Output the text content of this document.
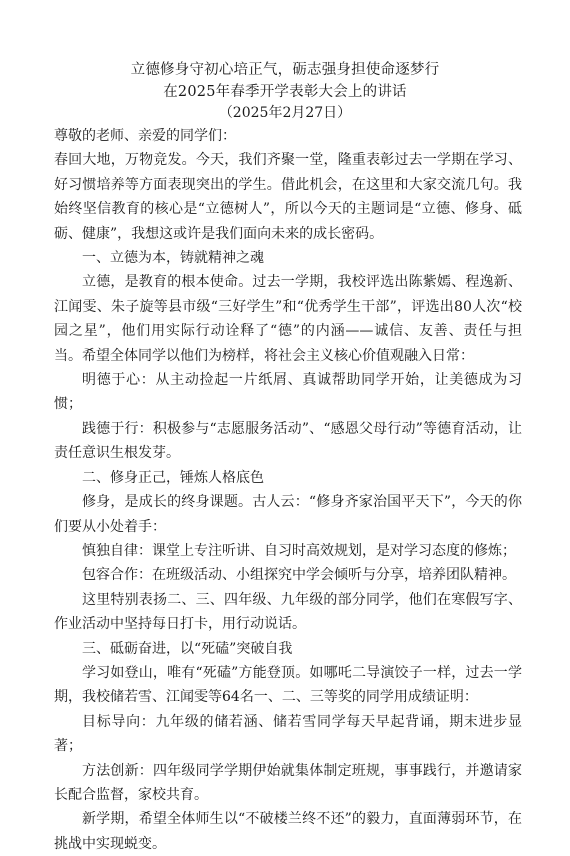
立德修身守初心培正气，砺志强身担使命逐梦行
在2025年春季开学表彰大会上的讲话
（2025年2月27日）

尊敬的老师、亲爱的同学们：

春回大地，万物竞发。今天，我们齐聚一堂，隆重表彰过去一学期在学习、好习惯培养等方面表现突出的学生。借此机会，在这里和大家交流几句。我始终坚信教育的核心是“立德树人”，所以今天的主题词是“立德、修身、砥砺、健康”，我想这或许是我们面向未来的成长密码。

一、立德为本，铸就精神之魂

立德，是教育的根本使命。过去一学期，我校评选出陈紫嫣、程逸新、江闻雯、朱子旋等县市级“三好学生”和“优秀学生干部”，评选出80人次“校园之星”，他们用实际行动诠释了“德”的内涵——诚信、友善、责任与担当。希望全体同学以他们为榜样，将社会主义核心价值观融入日常：

明德于心：从主动捡起一片纸屑、真诚帮助同学开始，让美德成为习惯；

践德于行：积极参与“志愿服务活动”、“感恩父母行动”等德育活动，让责任意识生根发芽。

二、修身正己，锤炼人格底色

修身，是成长的终身课题。古人云：“修身齐家治国平天下”，今天的你们要从小处着手：

慎独自律：课堂上专注听讲、自习时高效规划，是对学习态度的修炼；

包容合作：在班级活动、小组探究中学会倾听与分享，培养团队精神。

这里特别表扬二、三、四年级、九年级的部分同学，他们在寒假写字、作业活动中坚持每日打卡，用行动说话。

三、砥砺奋进，以“死磕”突破自我

学习如登山，唯有“死磕”方能登顶。如哪吒二导演饺子一样，过去一学期，我校储若雪、江闻雯等64名一、二、三等奖的同学用成绩证明：

目标导向：九年级的储若涵、储若雪同学每天早起背诵，期末进步显著；

方法创新：四年级同学学期伊始就集体制定班规，事事践行，并邀请家长配合监督，家校共育。

新学期，希望全体师生以“不破楼兰终不还”的毅力，直面薄弱环节，在挑战中实现蜕变。
